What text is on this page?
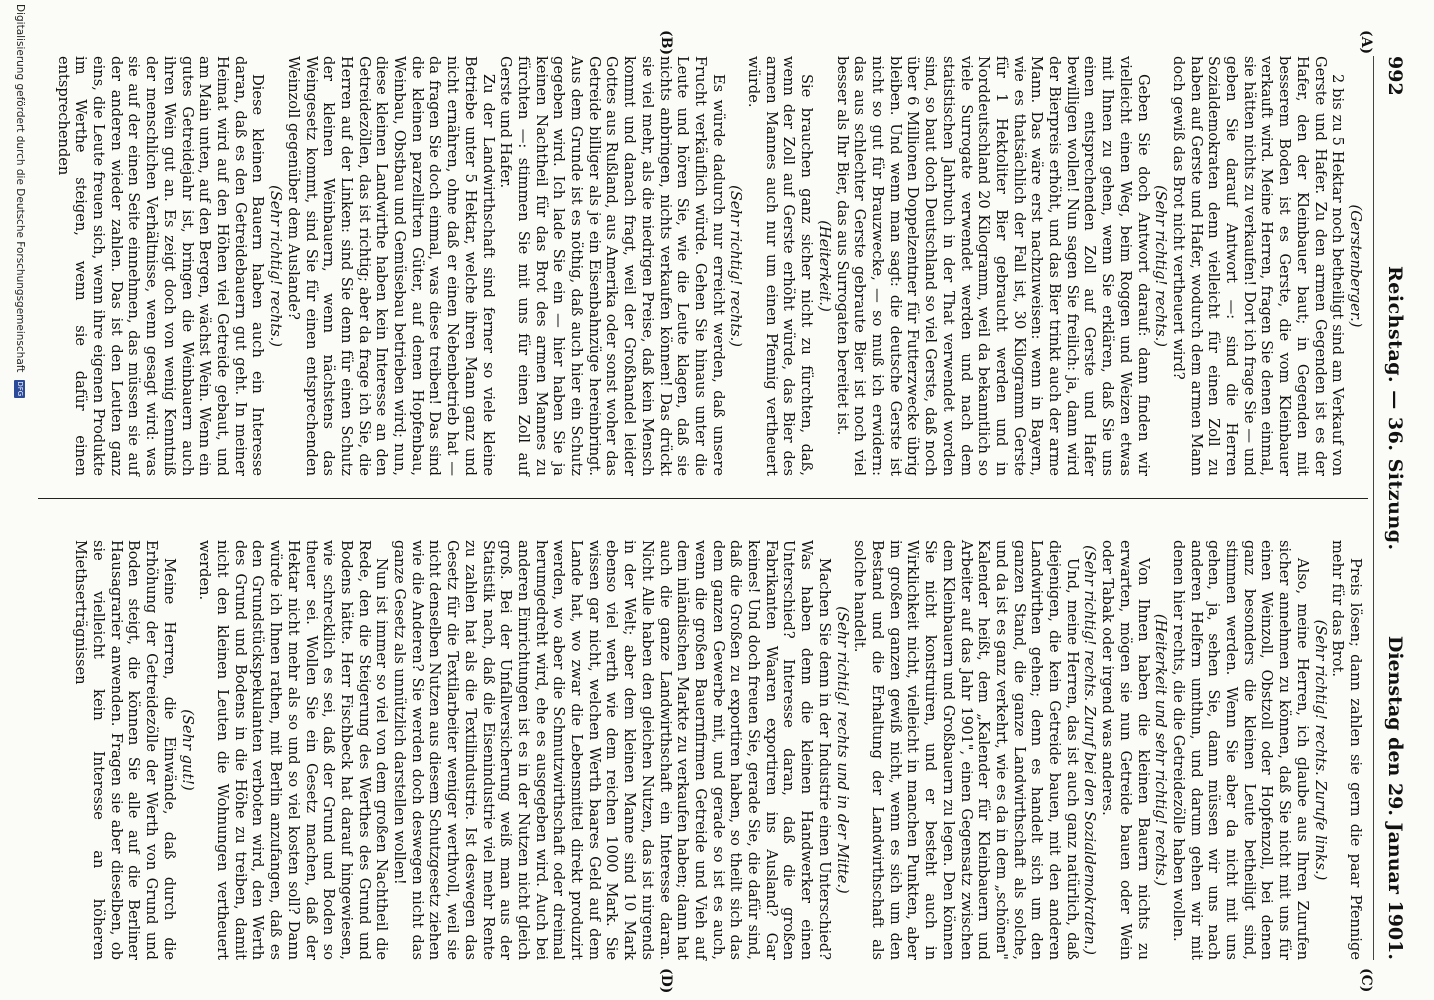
992
Reichstag. — 36. Sitzung.
Dienstag den 29. Januar 1901.
(A)
(B)
(C)
(D)

(Gerstenberger.)

2 bis zu 5 Hektar noch betheiligt sind am Verkauf von Gerste und Hafer. Zu den armen Gegenden ist es der Hafer, den der Kleinbauer baut; in Gegenden mit besserem Boden ist es Gerste, die vom Kleinbauer verkauft wird. Meine Herren, fragen Sie denen einmal, sie hätten nichts zu verkaufen! Dort ich frage Sie — und geben Sie darauf Antwort —: sind die Herren Sozialdemokraten denn vielleicht für einen Zoll zu haben auf Gerste und Hafer, wodurch dem armen Mann doch gewiß das Brot nicht vertheuert wird?

(Sehr richtig! rechts.)

Geben Sie doch Antwort darauf: dann finden wir vielleicht einen Weg, beim Roggen und Weizen etwas mit Ihnen zu gehen, wenn Sie erklären, daß Sie uns einen entsprechenden Zoll auf Gerste und Hafer bewilligen wollen! Nun sagen Sie freilich: ja, dann wird der Bierpreis erhöht, und das Bier trinkt auch der arme Mann. Das wäre erst nachzuweisen: wenn in Bayern, wie es thatsächlich der Fall ist, 30 Kilogramm Gerste für 1 Hektoliter Bier gebraucht werden und in Norddeutschland 20 Kilogramm, weil da bekanntlich so viele Surrogate verwendet werden und nach dem statistischen Jahrbuch in der That verwendet worden sind, so baut doch Deutschland so viel Gerste, daß noch über 6 Millionen Doppelzentner für Futterzwecke übrig bleiben. Und wenn man sagt: die deutsche Gerste ist nicht so gut für Brauzwecke, — so muß ich erwidern: das aus schlechter Gerste gebraute Bier ist noch viel besser als Ihr Bier, das aus Surrogaten bereitet ist.

(Heiterkeit.)

Sie brauchen ganz sicher nicht zu fürchten, daß, wenn der Zoll auf Gerste erhöht würde, das Bier des armen Mannes auch nur um einen Pfennig vertheuert würde.

(Sehr richtig! rechts.)

Es würde dadurch nur erreicht werden, daß unsere Frucht verkäuflich würde. Gehen Sie hinaus unter die Leute und hören Sie, wie die Leute klagen, daß sie nichts anbringen, nichts verkaufen können! Das drückt sie viel mehr, als die niedrigen Preise, daß kein Mensch kommt und danach fragt, weil der Großhandel leider Gottes aus Rußland, aus Amerika oder sonst woher das Getreide billiger als je ein Eisenbahnzüge hereinbringt. Aus dem Grunde ist es nöthig, daß auch hier ein Schutz gegeben wird. Ich lade Sie ein — hier haben Sie ja keinen Nachtheil für das Brot des armen Mannes zu fürchten —: stimmen Sie mit uns für einen Zoll auf Gerste und Hafer.

Zu der Landwirthschaft sind ferner so viele kleine Betriebe unter 5 Hektar, welche ihren Mann ganz und nicht ernähren, ohne daß er einen Nebenbetrieb hat — da fragen Sie doch einmal, was diese treiben! Das sind die kleinen parzellirten Güter, auf denen Hopfenbau, Weinbau, Obstbau und Gemüsebau betrieben wird; nun, diese kleinen Landwirthe haben kein Interesse an den Getreidezöllen, das ist richtig; aber da frage ich Sie, die Herren auf der Linken: sind Sie denn für einen Schutz der kleinen Weinbauern, wenn nächstens das Weingesetz kommt, sind Sie für einen entsprechenden Weinzoll gegenüber dem Auslande?

(Sehr richtig! rechts.)

Diese kleinen Bauern haben auch ein Interesse daran, daß es den Getreidebauern gut geht. In meiner Heimat wird auf den Höhen viel Getreide gebaut, und am Main unten, auf den Bergen, wächst Wein. Wenn ein gutes Getreidejahr ist, bringen die Weinbauern auch ihren Wein gut an. Es zeigt doch von wenig Kenntniß der menschlichen Verhältnisse, wenn gesagt wird: was sie auf der einen Seite einnehmen, das müssen sie auf der anderen wieder zahlen. Das ist den Leuten ganz eins, die Leute freuen sich, wenn ihre eigenen Produkte im Werthe steigen, wenn sie dafür einen entsprechenden

Preis lösen; dann zahlen sie gern die paar Pfennige mehr für das Brot.

(Sehr richtig! rechts. Zurufe links.)

Also, meine Herren, ich glaube aus Ihren Zurufen sicher annehmen zu können, daß Sie nicht mit uns für einen Weinzoll, Obstzoll oder Hopfenzoll, bei denen ganz besonders die kleinen Leute betheiligt sind, stimmen werden. Wenn Sie aber da nicht mit uns gehen, ja, sehen Sie, dann müssen wir uns nach anderen Helfern umthun, und darum gehen wir mit denen hier rechts, die die Getreidezölle haben wollen.

(Heiterkeit und sehr richtig! rechts.)

Von Ihnen haben die kleinen Bauern nichts zu erwarten, mögen sie nun Getreide bauen oder Wein oder Tabak oder irgend was anderes.

(Sehr richtig! rechts. Zuruf bei den Sozialdemokraten.)

Und, meine Herren, das ist auch ganz natürlich, daß diejenigen, die kein Getreide bauen, mit den anderen Landwirthen gehen; denn es handelt sich um den ganzen Stand, die ganze Landwirthschaft als solche, und da ist es ganz verkehrt, wie es da in dem „schönen" Kalender heißt, dem „Kalender für Kleinbauern und Arbeiter auf das Jahr 1901", einen Gegensatz zwischen dem Kleinbauern und Großbauern zu legen. Den können Sie nicht konstruiren, und er besteht auch in Wirklichkeit nicht, vielleicht in manchen Punkten, aber im großen ganzen gewiß nicht, wenn es sich um den Bestand und die Erhaltung der Landwirthschaft als solche handelt.

(Sehr richtig! rechts und in der Mitte.)

Machen Sie denn in der Industrie einen Unterschied? Was haben denn die kleinen Handwerker einen Unterschied? Interesse daran, daß die großen Fabrikanten Waaren exportiren ins Ausland? Gar keines! Und doch freuen Sie, gerade Sie, die dafür sind, daß die Großen zu exportiren haben, so theilt sich das dem ganzen Gewerbe mit, und gerade so ist es auch, wenn die großen Bauernfirmen Getreide und Vieh auf dem inländischen Markte zu verkaufen haben; dann hat auch die ganze Landwirthschaft ein Interesse daran. Nicht Alle haben den gleichen Nutzen, das ist nirgends in der Welt; aber dem kleinen Manne sind 10 Mark ebenso viel werth wie dem reichen 1000 Mark. Sie wissen gar nicht, welchen Werth baares Geld auf dem Lande hat, wo zwar die Lebensmittel direkt produzirt werden, wo aber die Schmutzwirthschaft oder dreimal herumgedreht wird, ehe es ausgegeben wird. Auch bei anderen Einrichtungen ist es in der Nutzen nicht gleich groß. Bei der Unfallversicherung weiß man aus der Statistik nach, daß die Eisenindustrie viel mehr Rente zu zahlen hat als die Textilindustrie. Ist deswegen das Gesetz für die Textilarbeiter weniger werthvoll, weil sie nicht denselben Nutzen aus diesem Schutzgesetz ziehen wie die Anderen? Sie werden doch deswegen nicht das ganze Gesetz als unnützlich darstellen wollen!

Nun ist immer so viel von dem großen Nachtheil die Rede, den die Steigerung des Werthes des Grund und Bodens hätte. Herr Fischbeck hat darauf hingewiesen, wie schrecklich es sei, daß der Grund und Boden so theuer sei. Wollen Sie ein Gesetz machen, daß der Hektar nicht mehr als so und so viel kosten soll? Dann würde ich Ihnen rathen, mit Berlin anzufangen, daß es den Grundstückspekulanten verboten wird, den Werth des Grund und Bodens in die Höhe zu treiben, damit nicht den kleinen Leuten die Wohnungen vertheuert werden.

(Sehr gut!)

Meine Herren, die Einwände, daß durch die Erhöhung der Getreidezölle der Werth von Grund und Boden steigt, die können Sie alle auf die Berliner Hausagrarier anwenden. Fragen sie aber dieselben, ob sie vielleicht kein Interesse an höheren Miethserträgnissen

Digitalisierung gefördert durch die Deutsche Forschungsgemeinschaft DFG
